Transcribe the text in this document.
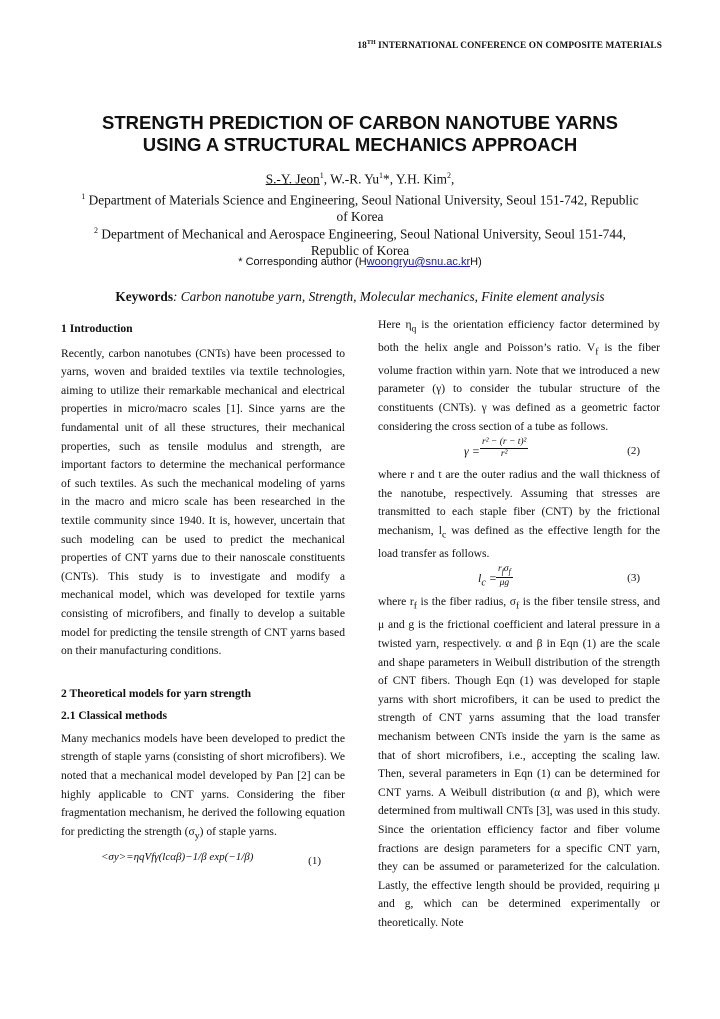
18TH INTERNATIONAL CONFERENCE ON COMPOSITE MATERIALS
STRENGTH PREDICTION OF CARBON NANOTUBE YARNS
USING A STRUCTURAL MECHANICS APPROACH
S.-Y. Jeon$^1$, W.-R. Yu$^1$*, Y.H. Kim$^2$,
$^1$ Department of Materials Science and Engineering, Seoul National University, Seoul 151-742, Republic of Korea
$^2$ Department of Mechanical and Aerospace Engineering, Seoul National University, Seoul 151-744, Republic of Korea
* Corresponding author (Hwoongryu@snu.ac.krH)
Keywords: Carbon nanotube yarn, Strength, Molecular mechanics, Finite element analysis

1 Introduction

Recently, carbon nanotubes (CNTs) have been processed to yarns, woven and braided textiles via textile technologies, aiming to utilize their remarkable mechanical and electrical properties in micro/macro scales [1]. Since yarns are the fundamental unit of all these structures, their mechanical properties, such as tensile modulus and strength, are important factors to determine the mechanical performance of such textiles. As such the mechanical modeling of yarns in the macro and micro scale has been researched in the textile community since 1940. It is, however, uncertain that such modeling can be used to predict the mechanical properties of CNT yarns due to their nanoscale constituents (CNTs). This study is to investigate and modify a mechanical model, which was developed for textile yarns consisting of microfibers, and finally to develop a suitable model for predicting the tensile strength of CNT yarns based on their manufacturing conditions.

2 Theoretical models for yarn strength

2.1 Classical methods

Many mechanics models have been developed to predict the strength of staple yarns (consisting of short microfibers). We noted that a mechanical model developed by Pan [2] can be highly applicable to CNT yarns. Considering the fiber fragmentation mechanism, he derived the following equation for predicting the strength $(\sigma_y)$ of staple yarns.

<σy>=ηqVfγ(lcαβ)−1/β exp(−1/β)	(1)

Here $\eta_q$ is the orientation efficiency factor determined by both the helix angle and Poisson’s ratio. $V_f$ is the fiber volume fraction within yarn. Note that we introduced a new parameter (γ) to consider the tubular structure of the constituents (CNTs). γ was defined as a geometric factor considering the cross section of a tube as follows.

$\gamma = \frac{\text{r² − (r − t)²}}{\text{r²}}$	(2)

where r and t are the outer radius and the wall thickness of the nanotube, respectively. Assuming that stresses are transmitted to each staple fiber (CNT) by the frictional mechanism, $l_c$ was defined as the effective length for the load transfer as follows.

$l_c$ =
$r_f\sigma_f$
μg	(3)

where $r_f$ is the fiber radius, $\sigma_f$ is the fiber tensile stress, and μ and g is the frictional coefficient and lateral pressure in a twisted yarn, respectively. α and β in Eqn (1) are the scale and shape parameters in Weibull distribution of the strength of CNT fibers. Though Eqn (1) was developed for staple yarns with short microfibers, it can be used to predict the strength of CNT yarns assuming that the load transfer mechanism between CNTs inside the yarn is the same as that of short microfibers, i.e., accepting the scaling law. Then, several parameters in Eqn (1) can be determined for CNT yarns. A Weibull distribution (α and β), which were determined from multiwall CNTs [3], was used in this study. Since the orientation efficiency factor and fiber volume fractions are design parameters for a specific CNT yarn, they can be assumed or parameterized for the calculation. Lastly, the effective length should be provided, requiring μ and g, which can be determined experimentally or theoretically. Note
